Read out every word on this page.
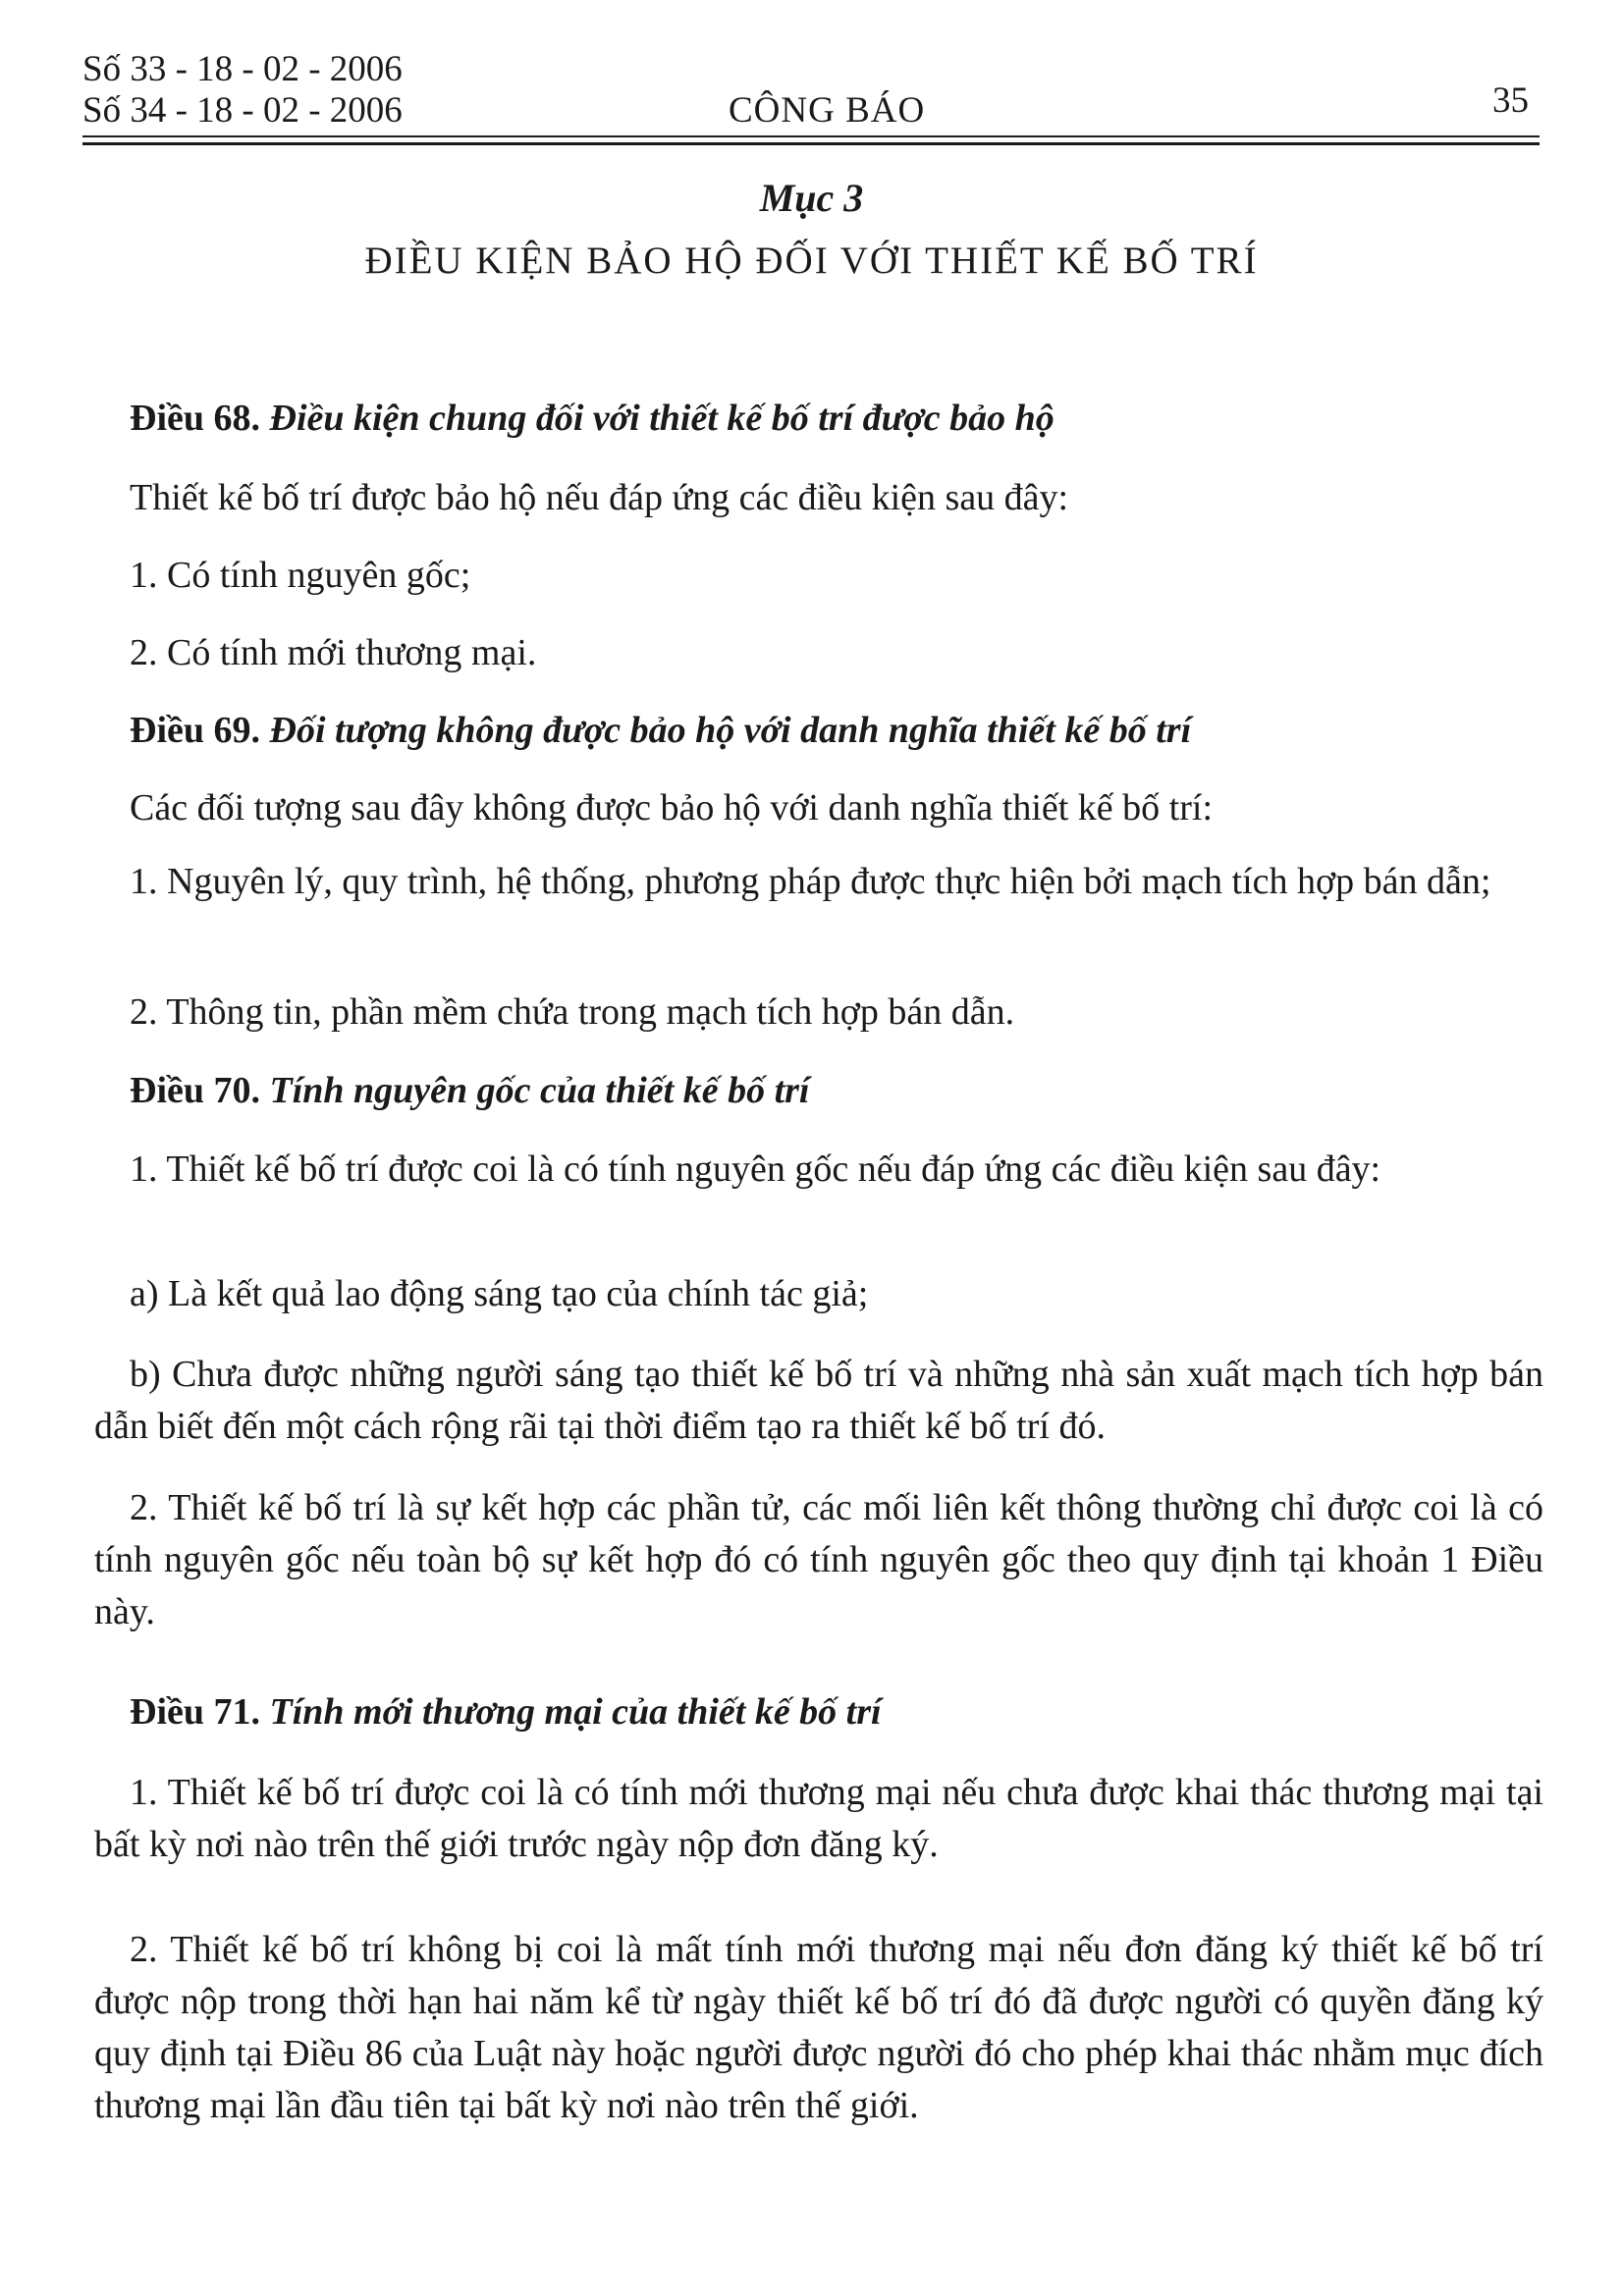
Số 33 - 18 - 02 - 2006
Số 34 - 18 - 02 - 2006	CÔNG BÁO	35
Mục 3
ĐIỀU KIỆN BẢO HỘ ĐỐI VỚI THIẾT KẾ BỐ TRÍ
Điều 68. Điều kiện chung đối với thiết kế bố trí được bảo hộ
Thiết kế bố trí được bảo hộ nếu đáp ứng các điều kiện sau đây:
1. Có tính nguyên gốc;
2. Có tính mới thương mại.
Điều 69. Đối tượng không được bảo hộ với danh nghĩa thiết kế bố trí
Các đối tượng sau đây không được bảo hộ với danh nghĩa thiết kế bố trí:
1. Nguyên lý, quy trình, hệ thống, phương pháp được thực hiện bởi mạch tích hợp bán dẫn;
2. Thông tin, phần mềm chứa trong mạch tích hợp bán dẫn.
Điều 70. Tính nguyên gốc của thiết kế bố trí
1. Thiết kế bố trí được coi là có tính nguyên gốc nếu đáp ứng các điều kiện sau đây:
a) Là kết quả lao động sáng tạo của chính tác giả;
b) Chưa được những người sáng tạo thiết kế bố trí và những nhà sản xuất mạch tích hợp bán dẫn biết đến một cách rộng rãi tại thời điểm tạo ra thiết kế bố trí đó.
2. Thiết kế bố trí là sự kết hợp các phần tử, các mối liên kết thông thường chỉ được coi là có tính nguyên gốc nếu toàn bộ sự kết hợp đó có tính nguyên gốc theo quy định tại khoản 1 Điều này.
Điều 71. Tính mới thương mại của thiết kế bố trí
1. Thiết kế bố trí được coi là có tính mới thương mại nếu chưa được khai thác thương mại tại bất kỳ nơi nào trên thế giới trước ngày nộp đơn đăng ký.
2. Thiết kế bố trí không bị coi là mất tính mới thương mại nếu đơn đăng ký thiết kế bố trí được nộp trong thời hạn hai năm kể từ ngày thiết kế bố trí đó đã được người có quyền đăng ký quy định tại Điều 86 của Luật này hoặc người được người đó cho phép khai thác nhằm mục đích thương mại lần đầu tiên tại bất kỳ nơi nào trên thế giới.
